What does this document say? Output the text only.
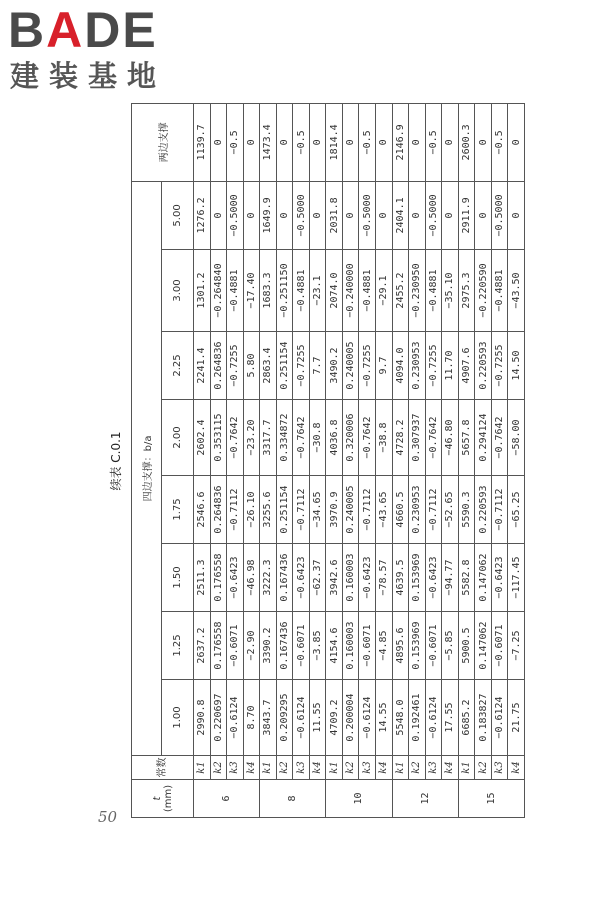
BADE
建装基地
续表 C.0.1
t
(mm)	常数	四边支撑：b/a								两边支撑
		1.00	1.25	1.50	1.75	2.00	2.25	3.00	5.00	
6	k1	2990.8	2637.2	2511.3	2546.6	2602.4	2241.4	1301.2	1276.2	1139.7
	k2	0.220697	0.176558	0.176558	0.264836	0.353115	0.264836	−0.264840	0	0
	k3	−0.6124	−0.6071	−0.6423	−0.7112	−0.7642	−0.7255	−0.4881	−0.5000	−0.5
	k4	8.70	−2.90	−46.98	−26.10	−23.20	5.80	−17.40	0	0
8	k1	3843.7	3390.2	3222.3	3255.6	3317.7	2863.4	1683.3	1649.9	1473.4
	k2	0.209295	0.167436	0.167436	0.251154	0.334872	0.251154	−0.251150	0	0
	k3	−0.6124	−0.6071	−0.6423	−0.7112	−0.7642	−0.7255	−0.4881	−0.5000	−0.5
	k4	11.55	−3.85	−62.37	−34.65	−30.8	7.7	−23.1	0	0
10	k1	4709.2	4154.6	3942.6	3970.9	4036.8	3490.2	2074.0	2031.8	1814.4
	k2	0.200004	0.160003	0.160003	0.240005	0.320006	0.240005	−0.240000	0	0
	k3	−0.6124	−0.6071	−0.6423	−0.7112	−0.7642	−0.7255	−0.4881	−0.5000	−0.5
	k4	14.55	−4.85	−78.57	−43.65	−38.8	9.7	−29.1	0	0
12	k1	5548.0	4895.6	4639.5	4660.5	4728.2	4094.0	2455.2	2404.1	2146.9
	k2	0.192461	0.153969	0.153969	0.230953	0.307937	0.230953	−0.230950	0	0
	k3	−0.6124	−0.6071	−0.6423	−0.7112	−0.7642	−0.7255	−0.4881	−0.5000	−0.5
	k4	17.55	−5.85	−94.77	−52.65	−46.80	11.70	−35.10	0	0
15	k1	6685.2	5900.5	5582.8	5590.3	5657.8	4907.6	2975.3	2911.9	2600.3
	k2	0.183827	0.147062	0.147062	0.220593	0.294124	0.220593	−0.220590	0	0
	k3	−0.6124	−0.6071	−0.6423	−0.7112	−0.7642	−0.7255	−0.4881	−0.5000	−0.5
	k4	21.75	−7.25	−117.45	−65.25	−58.00	14.50	−43.50	0	0
50
